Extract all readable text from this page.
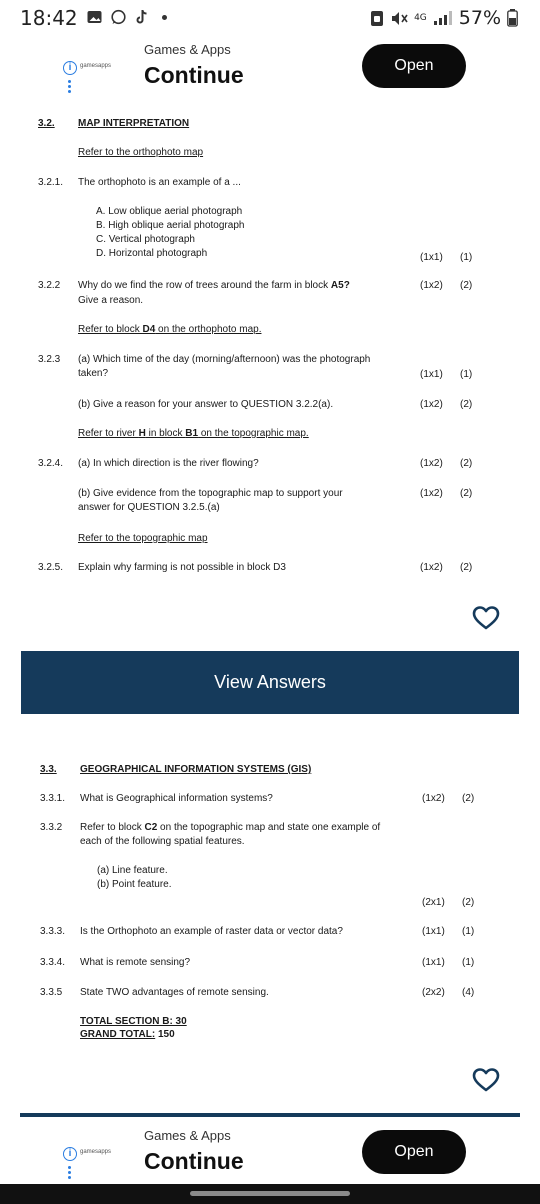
18:42	4G 57%
i	gamesapps
Games & Apps
Continue	Open
3.2. MAP INTERPRETATION
Refer to the orthophoto map
3.2.1. The orthophoto is an example of a ...
A. Low oblique aerial photograph
B. High oblique aerial photograph
C. Vertical photograph
D. Horizontal photograph	(1x1) (1)
3.2.2 Why do we find the row of trees around the farm in block A5?
Give a reason.
(1x2) (2)
Refer to block D4 on the orthophoto map.
3.2.3 (a) Which time of the day (morning/afternoon) was the photograph
taken?	(1x1) (1)
(b) Give a reason for your answer to QUESTION 3.2.2(a).	(1x2) (2)
Refer to river H in block B1 on the topographic map.
3.2.4. (a) In which direction is the river flowing?	(1x2) (2)
(b) Give evidence from the topographic map to support your
answer for QUESTION 3.2.5.(a)
(1x2) (2)
Refer to the topographic map
3.2.5. Explain why farming is not possible in block D3	(1x2) (2)
View Answers
3.3. GEOGRAPHICAL INFORMATION SYSTEMS (GIS)
3.3.1. What is Geographical information systems?	(1x2) (2)
3.3.2 Refer to block C2 on the topographic map and state one example of
each of the following spatial features.
(a) Line feature.
(b) Point feature.
(2x1) (2)
3.3.3. Is the Orthophoto an example of raster data or vector data?	(1x1) (1)
3.3.4. What is remote sensing?	(1x1) (1)
3.3.5 State TWO advantages of remote sensing.	(2x2) (4)
TOTAL SECTION B: 30
GRAND TOTAL: 150
i	gamesapps
Games & Apps
Continue	Open
